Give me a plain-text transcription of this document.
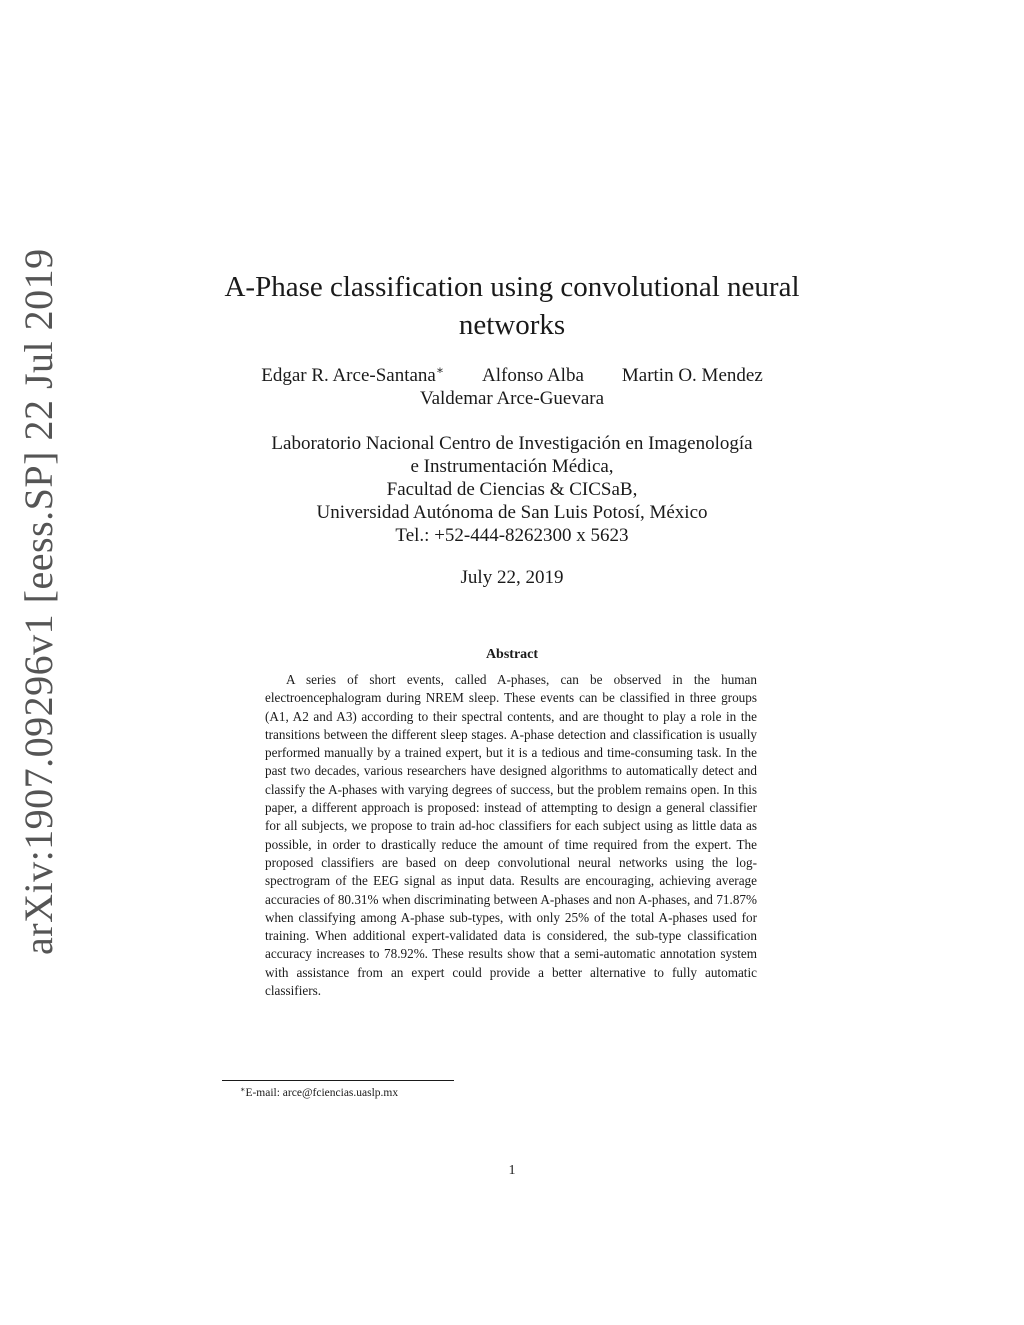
arXiv:1907.09296v1 [eess.SP] 22 Jul 2019	A-Phase classification using convolutional neural
networks
Edgar R. Arce-Santana∗ Alfonso Alba Martin O. Mendez
Valdemar Arce-Guevara
Laboratorio Nacional Centro de Investigación en Imagenología
e Instrumentación Médica,
Facultad de Ciencias & CICSaB,
Universidad Autónoma de San Luis Potosí, México
Tel.: +52-444-8262300 x 5623
July 22, 2019
Abstract

A series of short events, called A-phases, can be observed in the human electroencephalogram during NREM sleep. These events can be classified in three groups (A1, A2 and A3) according to their spectral contents, and are thought to play a role in the transitions between the different sleep stages. A-phase detection and classification is usually performed manually by a trained expert, but it is a tedious and time-consuming task. In the past two decades, various researchers have designed algorithms to automatically detect and classify the A-phases with varying degrees of success, but the problem remains open. In this paper, a different approach is proposed: instead of attempting to design a general classifier for all subjects, we propose to train ad-hoc classifiers for each subject using as little data as possible, in order to drastically reduce the amount of time required from the expert. The proposed classifiers are based on deep convolutional neural networks using the log-spectrogram of the EEG signal as input data. Results are encouraging, achieving average accuracies of 80.31% when discriminating between A-phases and non A-phases, and 71.87% when classifying among A-phase sub-types, with only 25% of the total A-phases used for training. When additional expert-validated data is considered, the sub-type classification accuracy increases to 78.92%. These results show that a semi-automatic annotation system with assistance from an expert could provide a better alternative to fully automatic classifiers.

∗E-mail: arce@fciencias.uaslp.mx
1
